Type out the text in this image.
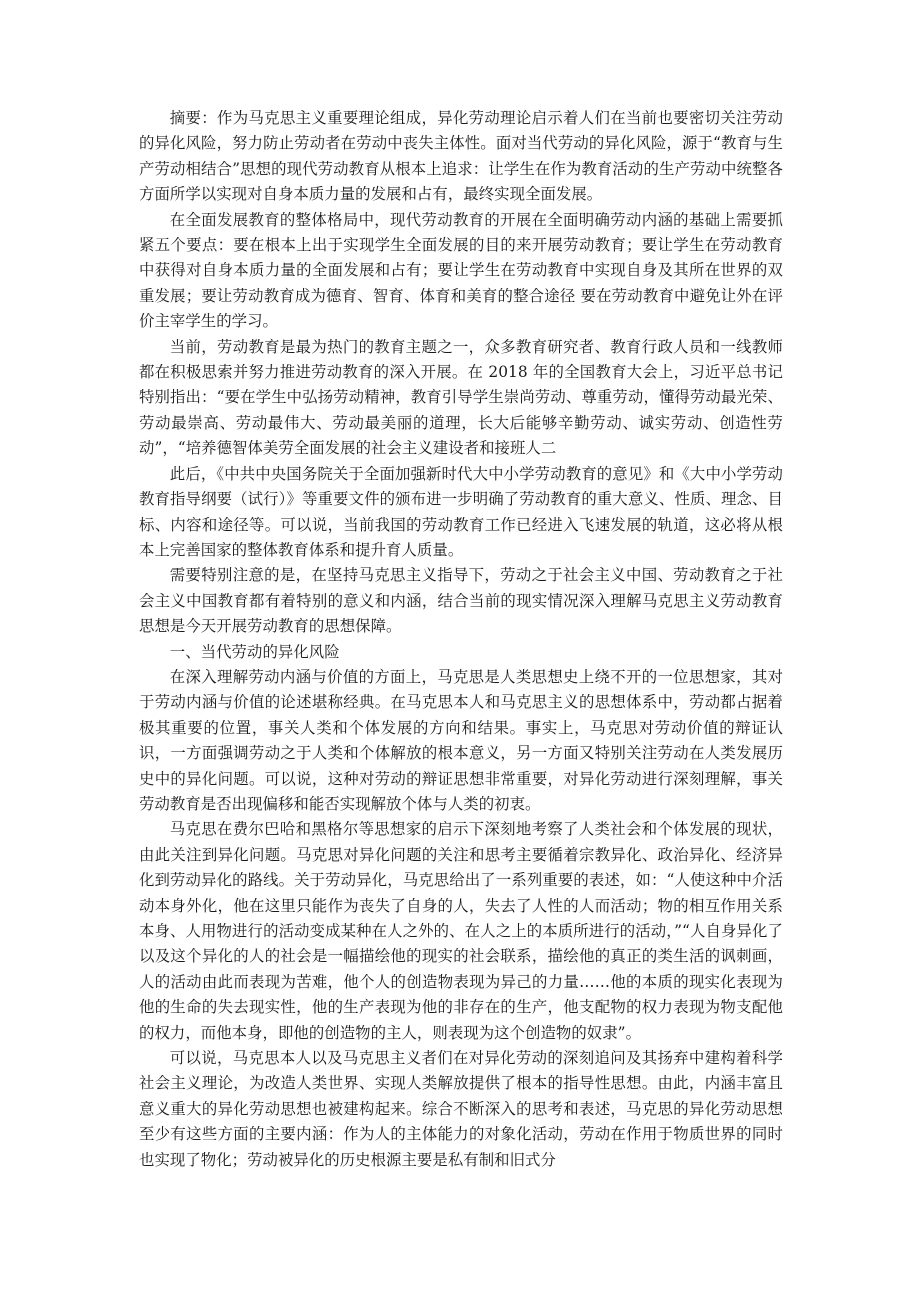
摘要：作为马克思主义重要理论组成，异化劳动理论启示着人们在当前也要密切关注劳动的异化风险，努力防止劳动者在劳动中丧失主体性。面对当代劳动的异化风险，源于“教育与生产劳动相结合”思想的现代劳动教育从根本上追求：让学生在作为教育活动的生产劳动中统整各方面所学以实现对自身本质力量的发展和占有，最终实现全面发展。

在全面发展教育的整体格局中，现代劳动教育的开展在全面明确劳动内涵的基础上需要抓紧五个要点：要在根本上出于实现学生全面发展的目的来开展劳动教育；要让学生在劳动教育中获得对自身本质力量的全面发展和占有；要让学生在劳动教育中实现自身及其所在世界的双重发展；要让劳动教育成为德育、智育、体育和美育的整合途径 要在劳动教育中避免让外在评价主宰学生的学习。

当前，劳动教育是最为热门的教育主题之一，众多教育研究者、教育行政人员和一线教师都在积极思索并努力推进劳动教育的深入开展。在 2018 年的全国教育大会上，习近平总书记特别指出：“要在学生中弘扬劳动精神，教育引导学生崇尚劳动、尊重劳动，懂得劳动最光荣、劳动最崇高、劳动最伟大、劳动最美丽的道理，长大后能够辛勤劳动、诚实劳动、创造性劳动”，“培养德智体美劳全面发展的社会主义建设者和接班人二

此后，《中共中央国务院关于全面加强新时代大中小学劳动教育的意见》和《大中小学劳动教育指导纲要（试行）》等重要文件的颁布进一步明确了劳动教育的重大意义、性质、理念、目标、内容和途径等。可以说，当前我国的劳动教育工作已经进入飞速发展的轨道，这必将从根本上完善国家的整体教育体系和提升育人质量。

需要特别注意的是，在坚持马克思主义指导下，劳动之于社会主义中国、劳动教育之于社会主义中国教育都有着特别的意义和内涵，结合当前的现实情况深入理解马克思主义劳动教育思想是今天开展劳动教育的思想保障。

一、当代劳动的异化风险

在深入理解劳动内涵与价值的方面上，马克思是人类思想史上绕不开的一位思想家，其对于劳动内涵与价值的论述堪称经典。在马克思本人和马克思主义的思想体系中，劳动都占据着极其重要的位置，事关人类和个体发展的方向和结果。事实上，马克思对劳动价值的辩证认识，一方面强调劳动之于人类和个体解放的根本意义，另一方面又特别关注劳动在人类发展历史中的异化问题。可以说，这种对劳动的辩证思想非常重要，对异化劳动进行深刻理解，事关劳动教育是否出现偏移和能否实现解放个体与人类的初衷。

马克思在费尔巴哈和黑格尔等思想家的启示下深刻地考察了人类社会和个体发展的现状，由此关注到异化问题。马克思对异化问题的关注和思考主要循着宗教异化、政治异化、经济异化到劳动异化的路线。关于劳动异化，马克思给出了一系列重要的表述，如：“人使这种中介活动本身外化，他在这里只能作为丧失了自身的人，失去了人性的人而活动；物的相互作用关系本身、人用物进行的活动变成某种在人之外的、在人之上的本质所进行的活动，”“人自身异化了以及这个异化的人的社会是一幅描绘他的现实的社会联系，描绘他的真正的类生活的讽刺画，人的活动由此而表现为苦难，他个人的创造物表现为异己的力量……他的本质的现实化表现为他的生命的失去现实性，他的生产表现为他的非存在的生产，他支配物的权力表现为物支配他的权力，而他本身，即他的创造物的主人，则表现为这个创造物的奴隶”。

可以说，马克思本人以及马克思主义者们在对异化劳动的深刻追问及其扬弃中建构着科学社会主义理论，为改造人类世界、实现人类解放提供了根本的指导性思想。由此，内涵丰富且意义重大的异化劳动思想也被建构起来。综合不断深入的思考和表述，马克思的异化劳动思想至少有这些方面的主要内涵：作为人的主体能力的对象化活动，劳动在作用于物质世界的同时也实现了物化；劳动被异化的历史根源主要是私有制和旧式分
